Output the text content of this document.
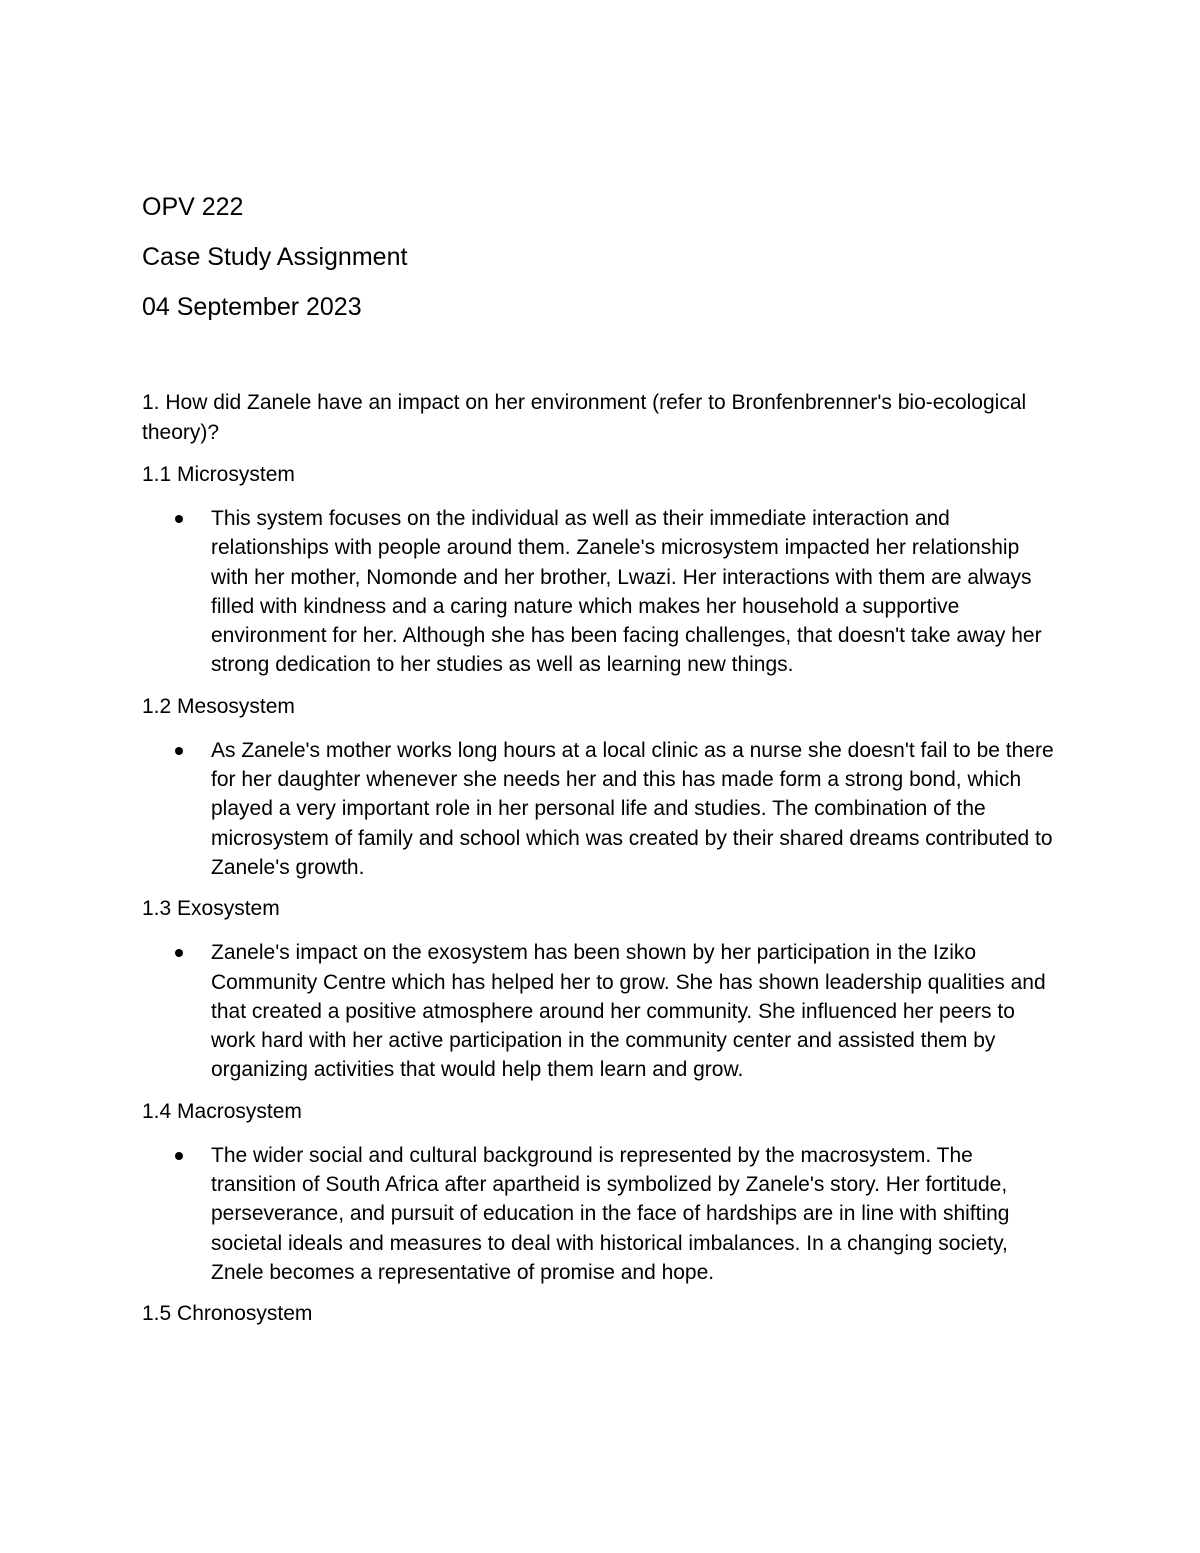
OPV 222
Case Study Assignment
04 September 2023
1. How did Zanele have an impact on her environment (refer to Bronfenbrenner's bio-ecological theory)?
1.1 Microsystem
This system focuses on the individual as well as their immediate interaction and relationships with people around them. Zanele's microsystem impacted her relationship with her mother, Nomonde and her brother, Lwazi. Her interactions with them are always filled with kindness and a caring nature which makes her household a supportive environment for her. Although she has been facing challenges, that doesn't take away her strong dedication to her studies as well as learning new things.
1.2 Mesosystem
As Zanele's mother works long hours at a local clinic as a nurse she doesn't fail to be there for her daughter whenever she needs her and this has made form a strong bond, which played a very important role in her personal life and studies. The combination of the microsystem of family and school which was created by their shared dreams contributed to Zanele's growth.
1.3 Exosystem
Zanele's impact on the exosystem has been shown by her participation in the Iziko Community Centre which has helped her to grow. She has shown leadership qualities and that created a positive atmosphere around her community. She influenced her peers to work hard with her active participation in the community center and assisted them by organizing activities that would help them learn and grow.
1.4 Macrosystem
The wider social and cultural background is represented by the macrosystem. The transition of South Africa after apartheid is symbolized by Zanele's story. Her fortitude, perseverance, and pursuit of education in the face of hardships are in line with shifting societal ideals and measures to deal with historical imbalances. In a changing society, Znele becomes a representative of promise and hope.
1.5 Chronosystem
